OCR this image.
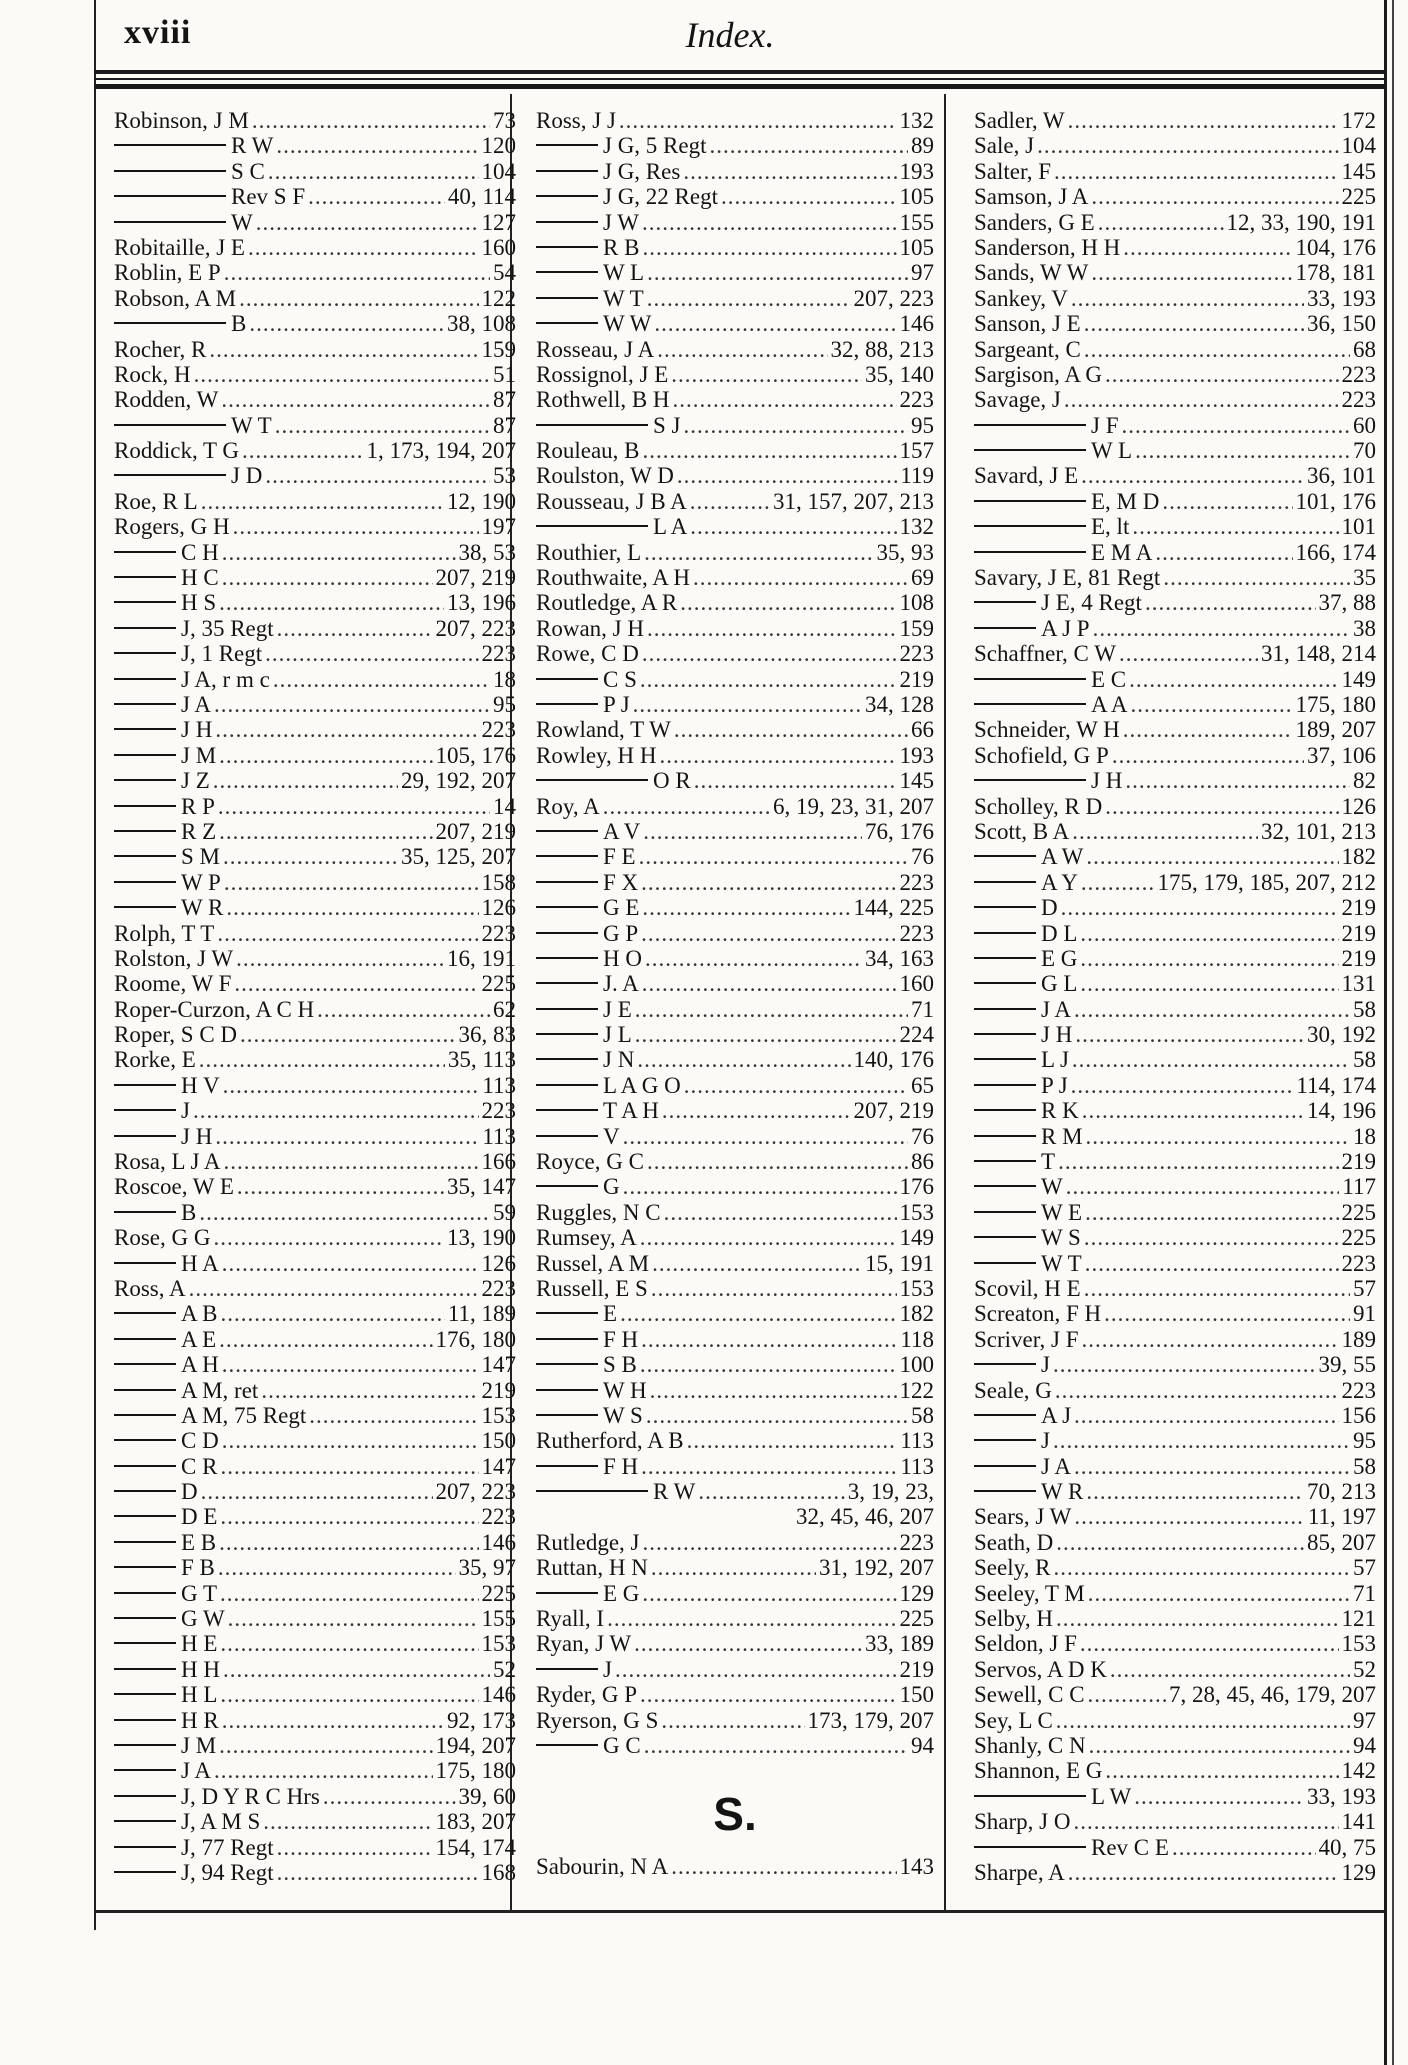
xviii	Index.
Robinson, J M .....	73
R W .....	120
S C .....	104
Rev S F .....	40, 114
W .....	127
Robitaille, J E .....	160
Roblin, E P .....	54
Robson, A M .....	122
B .....	38, 108
Rocher, R .....	159
Rock, H .....	51
Rodden, W .....	87
W T .....	87
Roddick, T G .....	1, 173, 194, 207
J D .....	53
Roe, R L .....	12, 190
Rogers, G H .....	197
C H .....	38, 53
H C .....	207, 219
H S .....	13, 196
J, 35 Regt .....	207, 223
J, 1 Regt .....	223
J A, r m c .....	18
J A .....	95
J H .....	223
J M .....	105, 176
J Z .....	29, 192, 207
R P .....	14
R Z .....	207, 219
S M .....	35, 125, 207
W P .....	158
W R .....	126
Rolph, T T .....	223
Rolston, J W .....	16, 191
Roome, W F .....	225
Roper-Curzon, A C H .....	62
Roper, S C D .....	36, 83
Rorke, E .....	35, 113
H V .....	113
J .....	223
J H .....	113
Rosa, L J A .....	166
Roscoe, W E .....	35, 147
B .....	59
Rose, G G .....	13, 190
H A .....	126
Ross, A .....	223
A B .....	11, 189
A E .....	176, 180
A H .....	147
A M, ret .....	219
A M, 75 Regt .....	153
C D .....	150
C R .....	147
D .....	207, 223
D E .....	223
E B .....	146
F B .....	35, 97
G T .....	225
G W .....	155
H E .....	153
H H .....	52
H L .....	146
H R .....	92, 173
J M .....	194, 207
J A .....	175, 180
J, D Y R C Hrs .....	39, 60
J, A M S .....	183, 207
J, 77 Regt .....	154, 174
J, 94 Regt .....	168
Ross, J J .....	132
J G, 5 Regt .....	89
J G, Res .....	193
J G, 22 Regt .....	105
J W .....	155
R B .....	105
W L .....	97
W T .....	207, 223
W W .....	146
Rosseau, J A .....	32, 88, 213
Rossignol, J E .....	35, 140
Rothwell, B H .....	223
S J .....	95
Rouleau, B .....	157
Roulston, W D .....	119
Rousseau, J B A .....	31, 157, 207, 213
L A .....	132
Routhier, L .....	35, 93
Routhwaite, A H .....	69
Routledge, A R .....	108
Rowan, J H .....	159
Rowe, C D .....	223
C S .....	219
P J .....	34, 128
Rowland, T W .....	66
Rowley, H H .....	193
O R .....	145
Roy, A .....	6, 19, 23, 31, 207
A V .....	76, 176
F E .....	76
F X .....	223
G E .....	144, 225
G P .....	223
H O .....	34, 163
J. A .....	160
J E .....	71
J L .....	224
J N .....	140, 176
L A G O .....	65
T A H .....	207, 219
V .....	76
Royce, G C .....	86
G .....	176
Ruggles, N C .....	153
Rumsey, A .....	149
Russel, A M .....	15, 191
Russell, E S .....	153
E .....	182
F H .....	118
S B .....	100
W H .....	122
W S .....	58
Rutherford, A B .....	113
F H .....	113
R W .....	3, 19, 23,
32, 45, 46, 207
Rutledge, J .....	223
Ruttan, H N .....	31, 192, 207
E G .....	129
Ryall, I .....	225
Ryan, J W .....	33, 189
J .....	219
Ryder, G P .....	150
Ryerson, G S .....	173, 179, 207
G C .....	94
S.
Sabourin, N A .....	143
Sadler, W .....	172
Sale, J .....	104
Salter, F .....	145
Samson, J A .....	225
Sanders, G E .....	12, 33, 190, 191
Sanderson, H H .....	104, 176
Sands, W W .....	178, 181
Sankey, V .....	33, 193
Sanson, J E .....	36, 150
Sargeant, C .....	68
Sargison, A G .....	223
Savage, J .....	223
J F .....	60
W L .....	70
Savard, J E .....	36, 101
E, M D .....	101, 176
E, lt .....	101
E M A .....	166, 174
Savary, J E, 81 Regt .....	35
J E, 4 Regt .....	37, 88
A J P .....	38
Schaffner, C W .....	31, 148, 214
E C .....	149
A A .....	175, 180
Schneider, W H .....	189, 207
Schofield, G P .....	37, 106
J H .....	82
Scholley, R D .....	126
Scott, B A .....	32, 101, 213
A W .....	182
A Y .....	175, 179, 185, 207, 212
D .....	219
D L .....	219
E G .....	219
G L .....	131
J A .....	58
J H .....	30, 192
L J .....	58
P J .....	114, 174
R K .....	14, 196
R M .....	18
T .....	219
W .....	117
W E .....	225
W S .....	225
W T .....	223
Scovil, H E .....	57
Screaton, F H .....	91
Scriver, J F .....	189
J .....	39, 55
Seale, G .....	223
A J .....	156
J .....	95
J A .....	58
W R .....	70, 213
Sears, J W .....	11, 197
Seath, D .....	85, 207
Seely, R .....	57
Seeley, T M .....	71
Selby, H .....	121
Seldon, J F .....	153
Servos, A D K .....	52
Sewell, C C .....	7, 28, 45, 46, 179, 207
Sey, L C .....	97
Shanly, C N .....	94
Shannon, E G .....	142
L W .....	33, 193
Sharp, J O .....	141
Rev C E .....	40, 75
Sharpe, A .....	129
